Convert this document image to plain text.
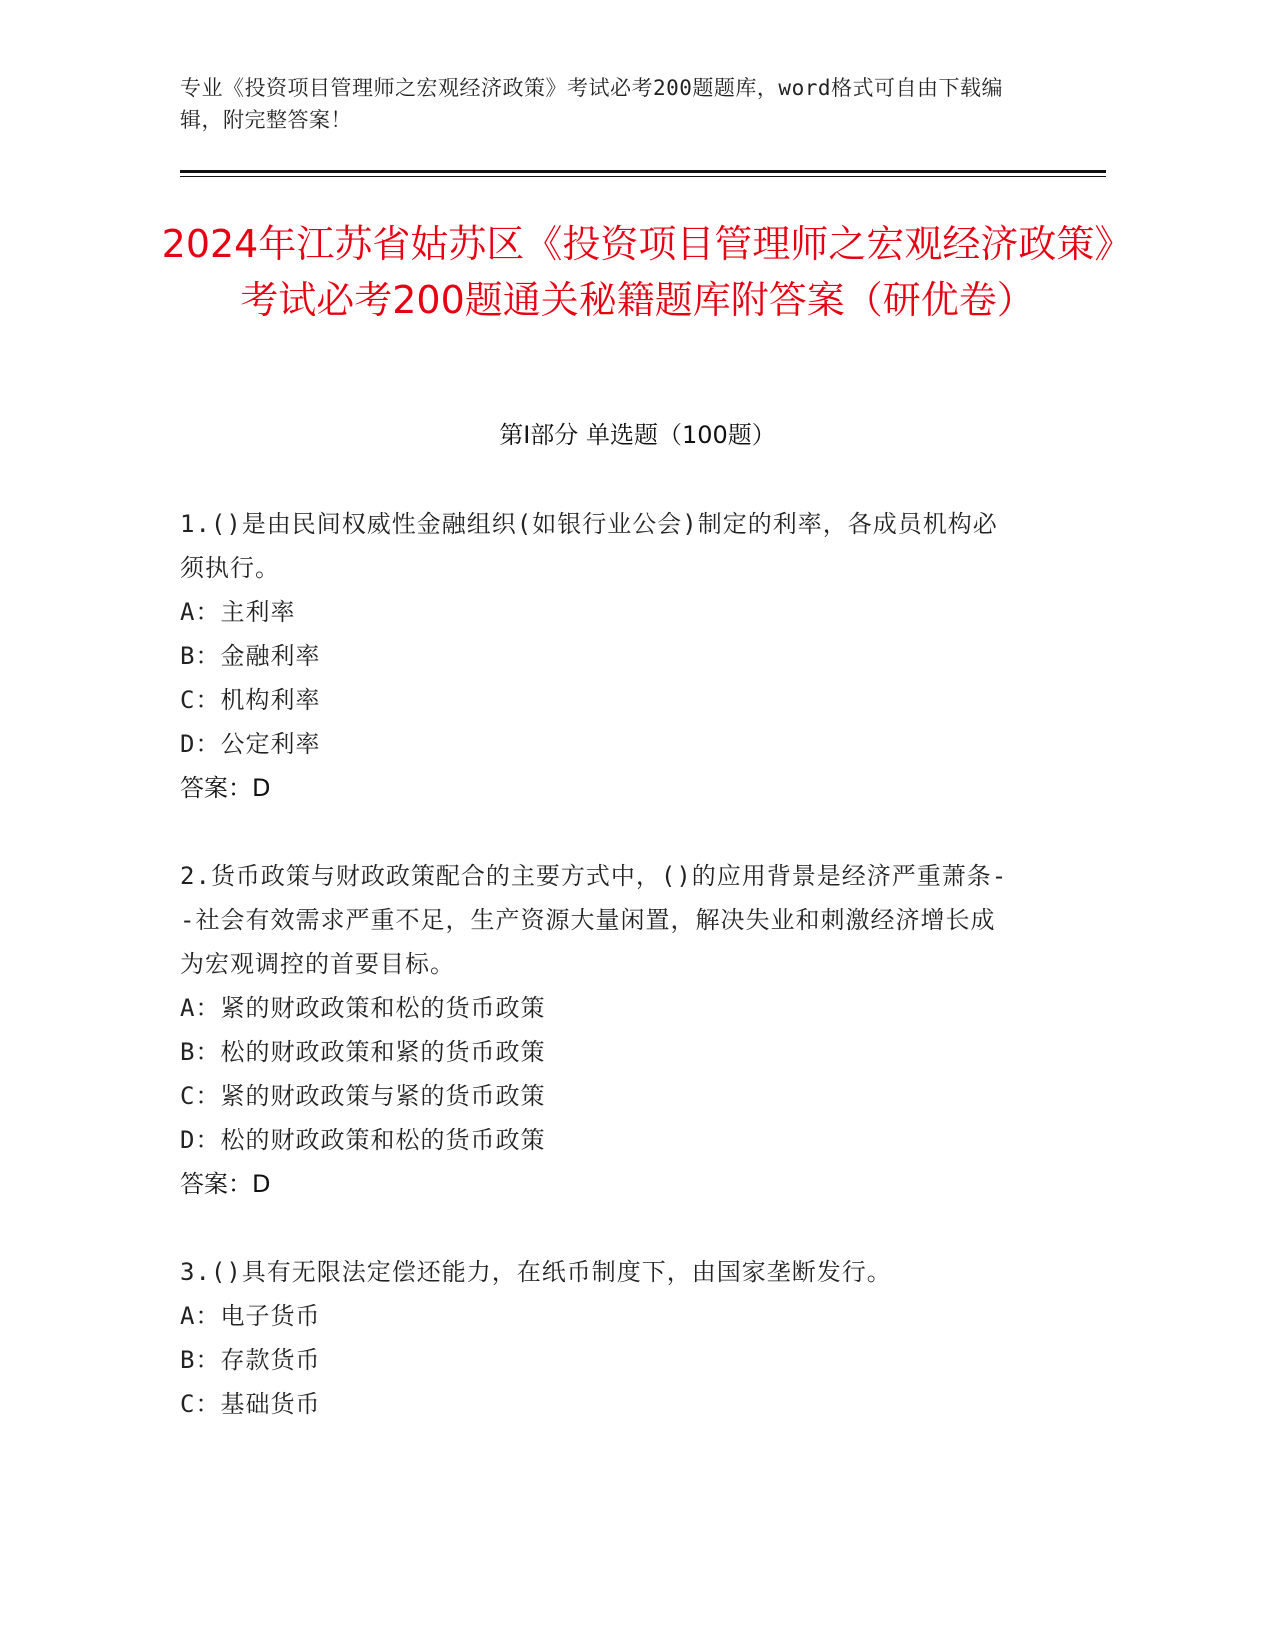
专业《投资项目管理师之宏观经济政策》考试必考200题题库，word格式可自由下载编辑，附完整答案！
2024年江苏省姑苏区《投资项目管理师之宏观经济政策》考试必考200题通关秘籍题库附答案（研优卷）
第Ⅰ部分 单选题（100题）
1.()是由民间权威性金融组织(如银行业公会)制定的利率，各成员机构必须执行。
A：主利率
B：金融利率
C：机构利率
D：公定利率
答案：D
2.货币政策与财政政策配合的主要方式中，()的应用背景是经济严重萧条--社会有效需求严重不足，生产资源大量闲置，解决失业和刺激经济增长成为宏观调控的首要目标。
A：紧的财政政策和松的货币政策
B：松的财政政策和紧的货币政策
C：紧的财政政策与紧的货币政策
D：松的财政政策和松的货币政策
答案：D
3.()具有无限法定偿还能力，在纸币制度下，由国家垄断发行。
A：电子货币
B：存款货币
C：基础货币
